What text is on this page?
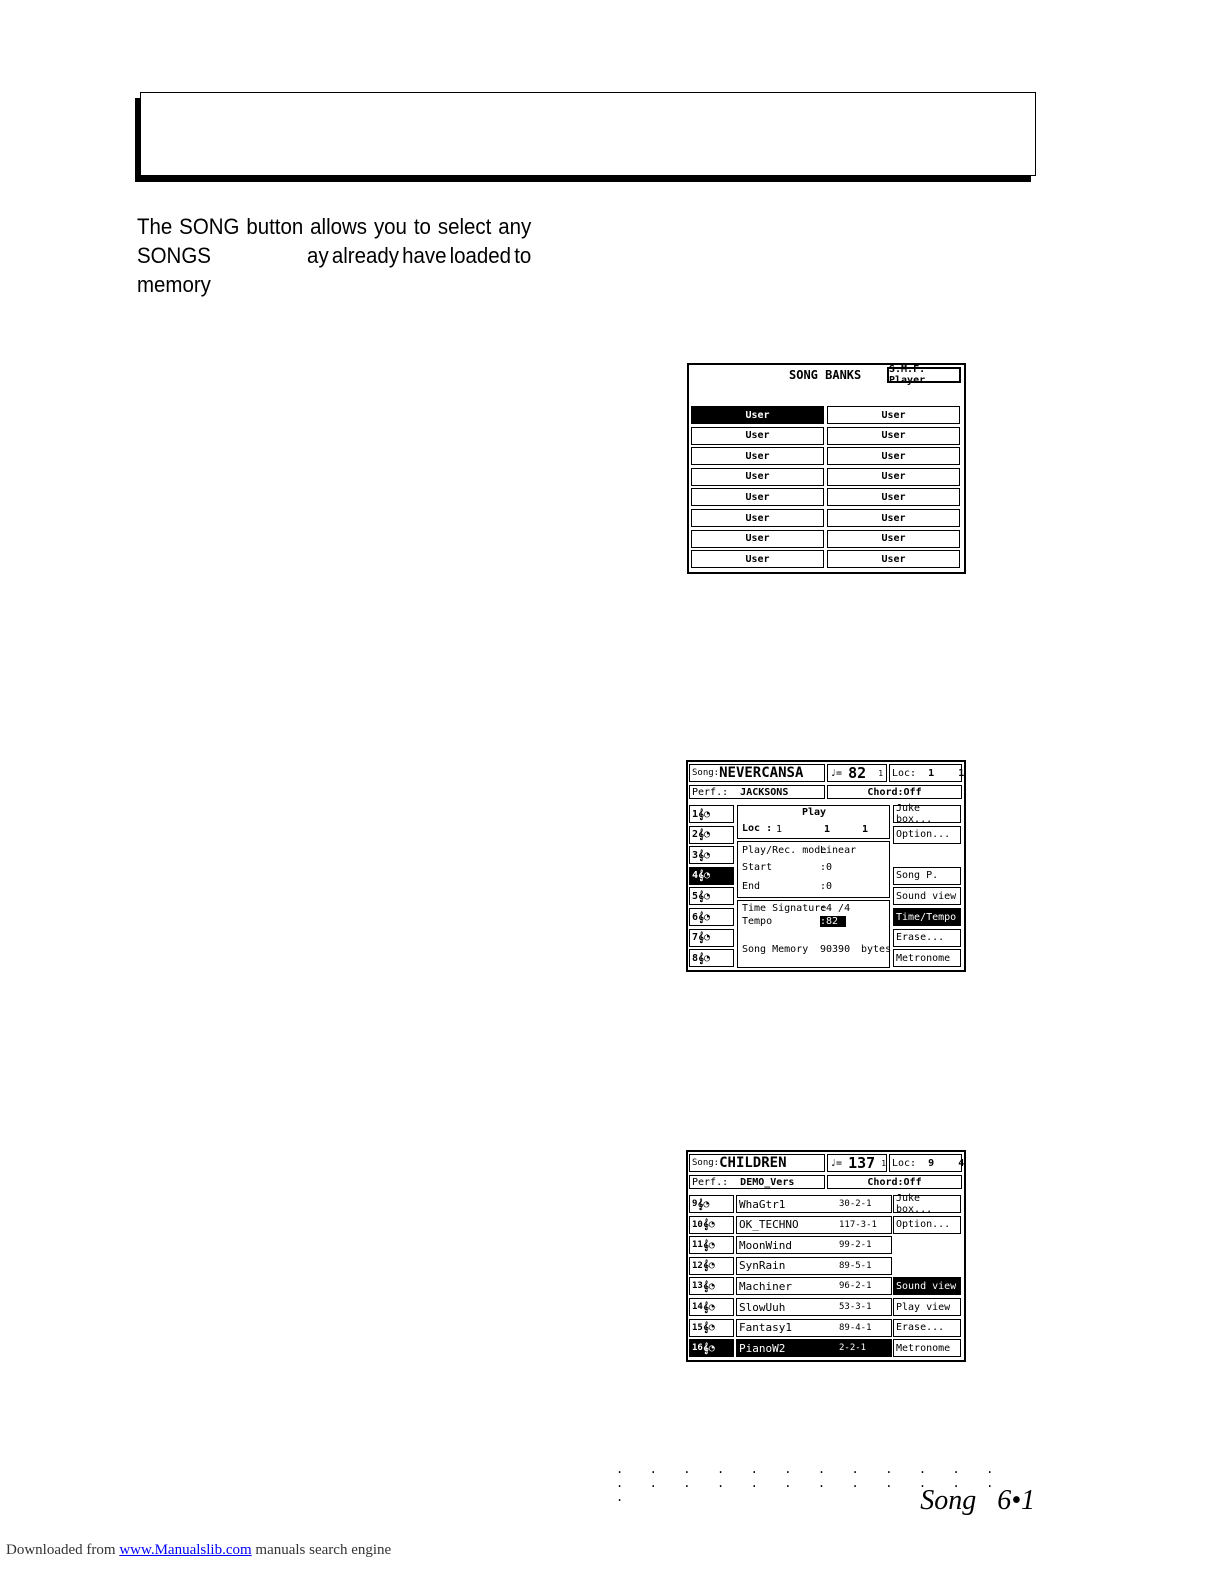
The SONG button allows you to select any
SONGS	ay already have loaded to
memory
SONG BANKS	S.M.F. Player
User	User
User	User
User	User
User	User
User	User
User	User
User	User
User	User
Song: NEVERCANSA	♩=
82
1 Loc:
1
1
Perf.:
JACKSONS	Chord:Off
1 𝄞◔
2 𝄞◔
3 𝄞◔
4 𝄞◔
5 𝄞◔
6 𝄞◔
7 𝄞◔
8 𝄞◔
Play
Loc : 1	1	1
Play/Rec. mode
Linear
Start	:0
End	:0
Time Signature
:4 /4
Tempo	:82
Song Memory 90390 bytes
Juke box...
Option...
Song P.
Sound view
Time/Tempo
Erase...
Metronome
Song: CHILDREN	♩=
137
1 Loc:
9
4
Perf.:
DEMO_Vers	Chord:Off
9 𝄞◔	WhaGtr1	30-2-1
10 𝄞◔ OK_TECHNO	117-3-1
11 𝄞◔ MoonWind	99-2-1
12 𝄞◔ SynRain	89-5-1
13 𝄞◔ Machiner	96-2-1
14 𝄞◔ SlowUuh	53-3-1
15 𝄞◔ Fantasy1	89-4-1
16 𝄞◔ PianoW2	2-2-1
Juke box...
Option...
Sound view
Play view
Erase...
Metronome
. . . . . . . . . . . . . . . . . . . . . . . . .	Song   6•1
Downloaded from www.Manualslib.com manuals search engine
